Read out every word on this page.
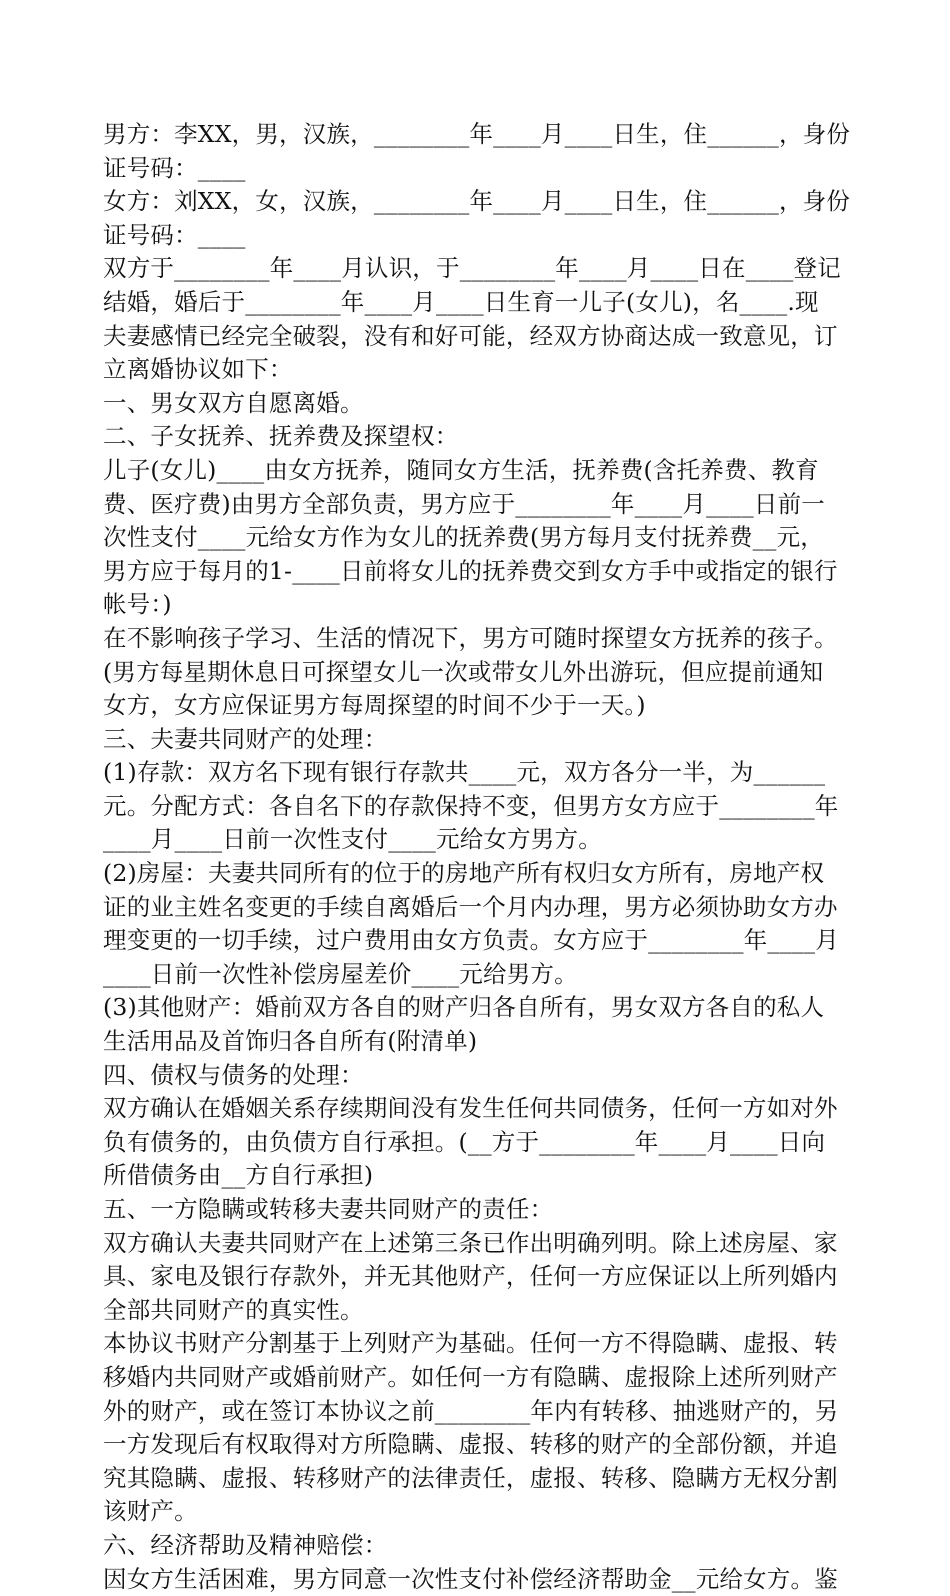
男方：李XX，男，汉族，________年____月____日生，住______，身份
证号码：____
女方：刘XX，女，汉族，________年____月____日生，住______，身份
证号码：____
双方于________年____月认识，于________年____月____日在____登记
结婚，婚后于________年____月____日生育一儿子(女儿)，名____.现
夫妻感情已经完全破裂，没有和好可能，经双方协商达成一致意见，订
立离婚协议如下：
一、男女双方自愿离婚。
二、子女抚养、抚养费及探望权：
儿子(女儿)____由女方抚养，随同女方生活，抚养费(含托养费、教育
费、医疗费)由男方全部负责，男方应于________年____月____日前一
次性支付____元给女方作为女儿的抚养费(男方每月支付抚养费__元，
男方应于每月的1-____日前将女儿的抚养费交到女方手中或指定的银行
帐号：)
在不影响孩子学习、生活的情况下，男方可随时探望女方抚养的孩子。
(男方每星期休息日可探望女儿一次或带女儿外出游玩，但应提前通知
女方，女方应保证男方每周探望的时间不少于一天。)
三、夫妻共同财产的处理：
(1)存款：双方名下现有银行存款共____元，双方各分一半，为______
元。分配方式：各自名下的存款保持不变，但男方女方应于________年
____月____日前一次性支付____元给女方男方。
(2)房屋：夫妻共同所有的位于的房地产所有权归女方所有，房地产权
证的业主姓名变更的手续自离婚后一个月内办理，男方必须协助女方办
理变更的一切手续，过户费用由女方负责。女方应于________年____月
____日前一次性补偿房屋差价____元给男方。
(3)其他财产：婚前双方各自的财产归各自所有，男女双方各自的私人
生活用品及首饰归各自所有(附清单)
四、债权与债务的处理：
双方确认在婚姻关系存续期间没有发生任何共同债务，任何一方如对外
负有债务的，由负债方自行承担。(__方于________年____月____日向
所借债务由__方自行承担)
五、一方隐瞒或转移夫妻共同财产的责任：
双方确认夫妻共同财产在上述第三条已作出明确列明。除上述房屋、家
具、家电及银行存款外，并无其他财产，任何一方应保证以上所列婚内
全部共同财产的真实性。
本协议书财产分割基于上列财产为基础。任何一方不得隐瞒、虚报、转
移婚内共同财产或婚前财产。如任何一方有隐瞒、虚报除上述所列财产
外的财产，或在签订本协议之前________年内有转移、抽逃财产的，另
一方发现后有权取得对方所隐瞒、虚报、转移的财产的全部份额，并追
究其隐瞒、虚报、转移财产的法律责任，虚报、转移、隐瞒方无权分割
该财产。
六、经济帮助及精神赔偿：
因女方生活困难，男方同意一次性支付补偿经济帮助金__元给女方。鉴
